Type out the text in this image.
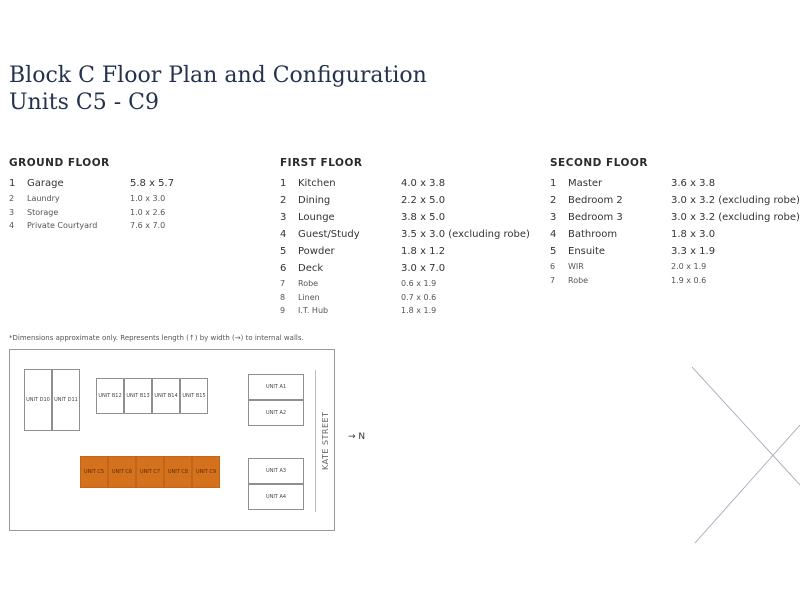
Block C Floor Plan and Configuration
Units C5 - C9
GROUND FLOOR
1	Garage	5.8 x 5.7
2	Laundry	1.0 x 3.0
3	Storage	1.0 x 2.6
4	Private Courtyard	7.6 x 7.0
FIRST FLOOR
1	Kitchen	4.0 x 3.8
2	Dining	2.2 x 5.0
3	Lounge	3.8 x 5.0
4	Guest/Study	3.5 x 3.0 (excluding robe)
5	Powder	1.8 x 1.2
6	Deck	3.0 x 7.0
7	Robe	0.6 x 1.9
8	Linen	0.7 x 0.6
9	I.T. Hub	1.8 x 1.9
SECOND FLOOR
1	Master	3.6 x 3.8
2	Bedroom 2	3.0 x 3.2 (excluding robe)
3	Bedroom 3	3.0 x 3.2 (excluding robe)
4	Bathroom	1.8 x 3.0
5	Ensuite	3.3 x 1.9
6	WIR	2.0 x 1.9
7	Robe	1.9 x 0.6
*Dimensions approximate only. Represents length (↑) by width (→) to internal walls.
UNIT D10 UNIT D11
UNIT B12 UNIT B13 UNIT B14 UNIT B15
UNIT A1
UNIT A2
UNIT A3
UNIT A4
UNIT C5	UNIT C6	UNIT C7	UNIT C8	UNIT C9
KATE STREET → N
